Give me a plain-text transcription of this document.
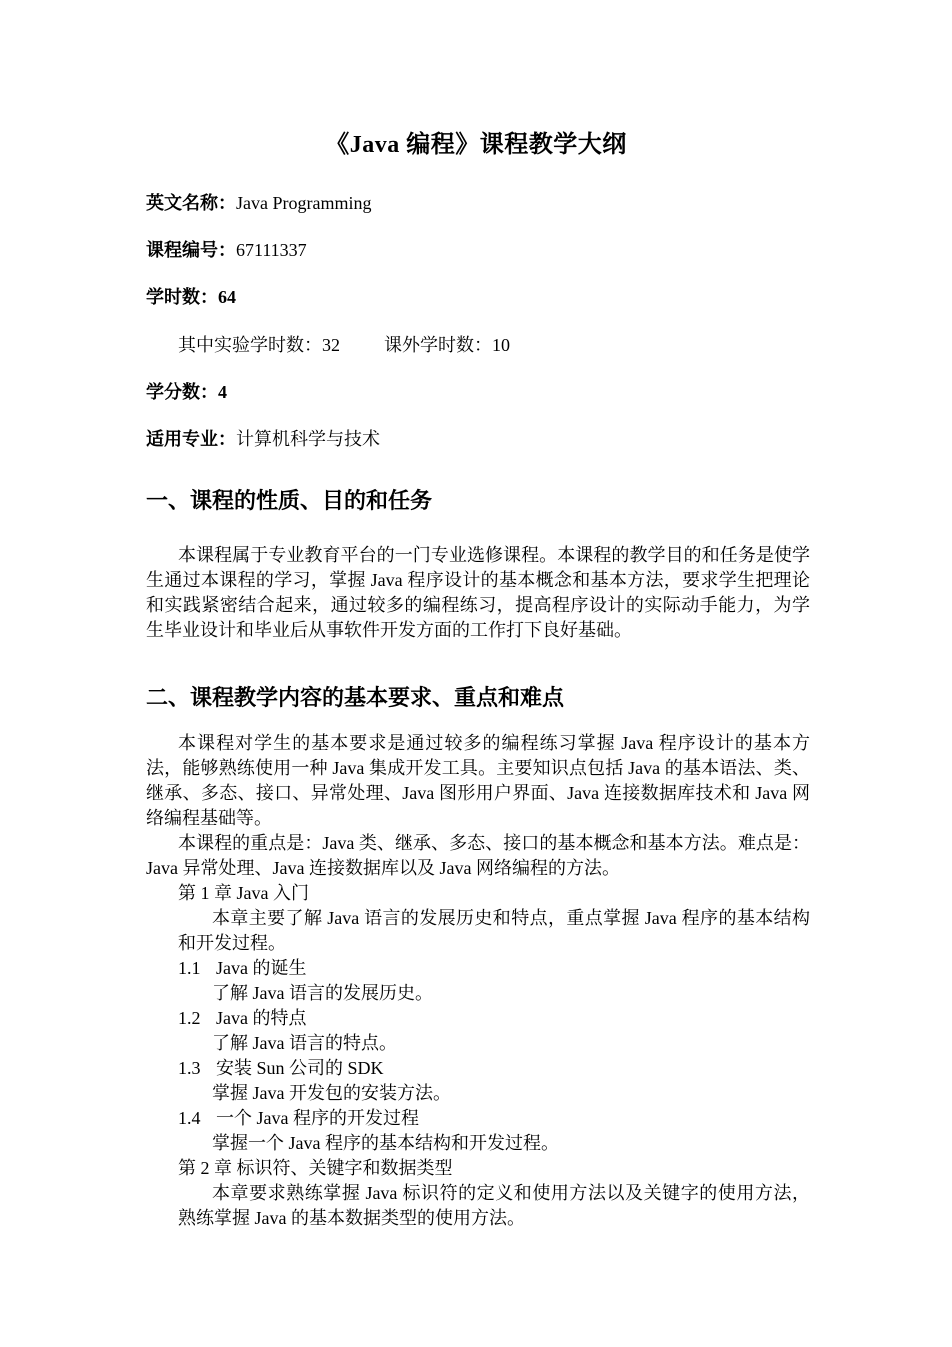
《Java 编程》课程教学大纲
英文名称：Java Programming
课程编号：67111337
学时数：64
其中实验学时数：32 课外学时数：10
学分数：4
适用专业：计算机科学与技术
一、课程的性质、目的和任务

本课程属于专业教育平台的一门专业选修课程。本课程的教学目的和任务是使学生通过本课程的学习，掌握 Java 程序设计的基本概念和基本方法，要求学生把理论和实践紧密结合起来，通过较多的编程练习，提高程序设计的实际动手能力，为学生毕业设计和毕业后从事软件开发方面的工作打下良好基础。

二、课程教学内容的基本要求、重点和难点

本课程对学生的基本要求是通过较多的编程练习掌握 Java 程序设计的基本方法，能够熟练使用一种 Java 集成开发工具。主要知识点包括 Java 的基本语法、类、继承、多态、接口、异常处理、Java 图形用户界面、Java 连接数据库技术和 Java 网络编程基础等。

本课程的重点是：Java 类、继承、多态、接口的基本概念和基本方法。难点是：Java 异常处理、Java 连接数据库以及 Java 网络编程的方法。

第 1 章 Java 入门
本章主要了解 Java 语言的发展历史和特点，重点掌握 Java 程序的基本结构和开发过程。
1.1 Java 的诞生
了解 Java 语言的发展历史。
1.2 Java 的特点
了解 Java 语言的特点。
1.3 安装 Sun 公司的 SDK
掌握 Java 开发包的安装方法。
1.4 一个 Java 程序的开发过程
掌握一个 Java 程序的基本结构和开发过程。
第 2 章 标识符、关键字和数据类型
本章要求熟练掌握 Java 标识符的定义和使用方法以及关键字的使用方法，熟练掌握 Java 的基本数据类型的使用方法。
